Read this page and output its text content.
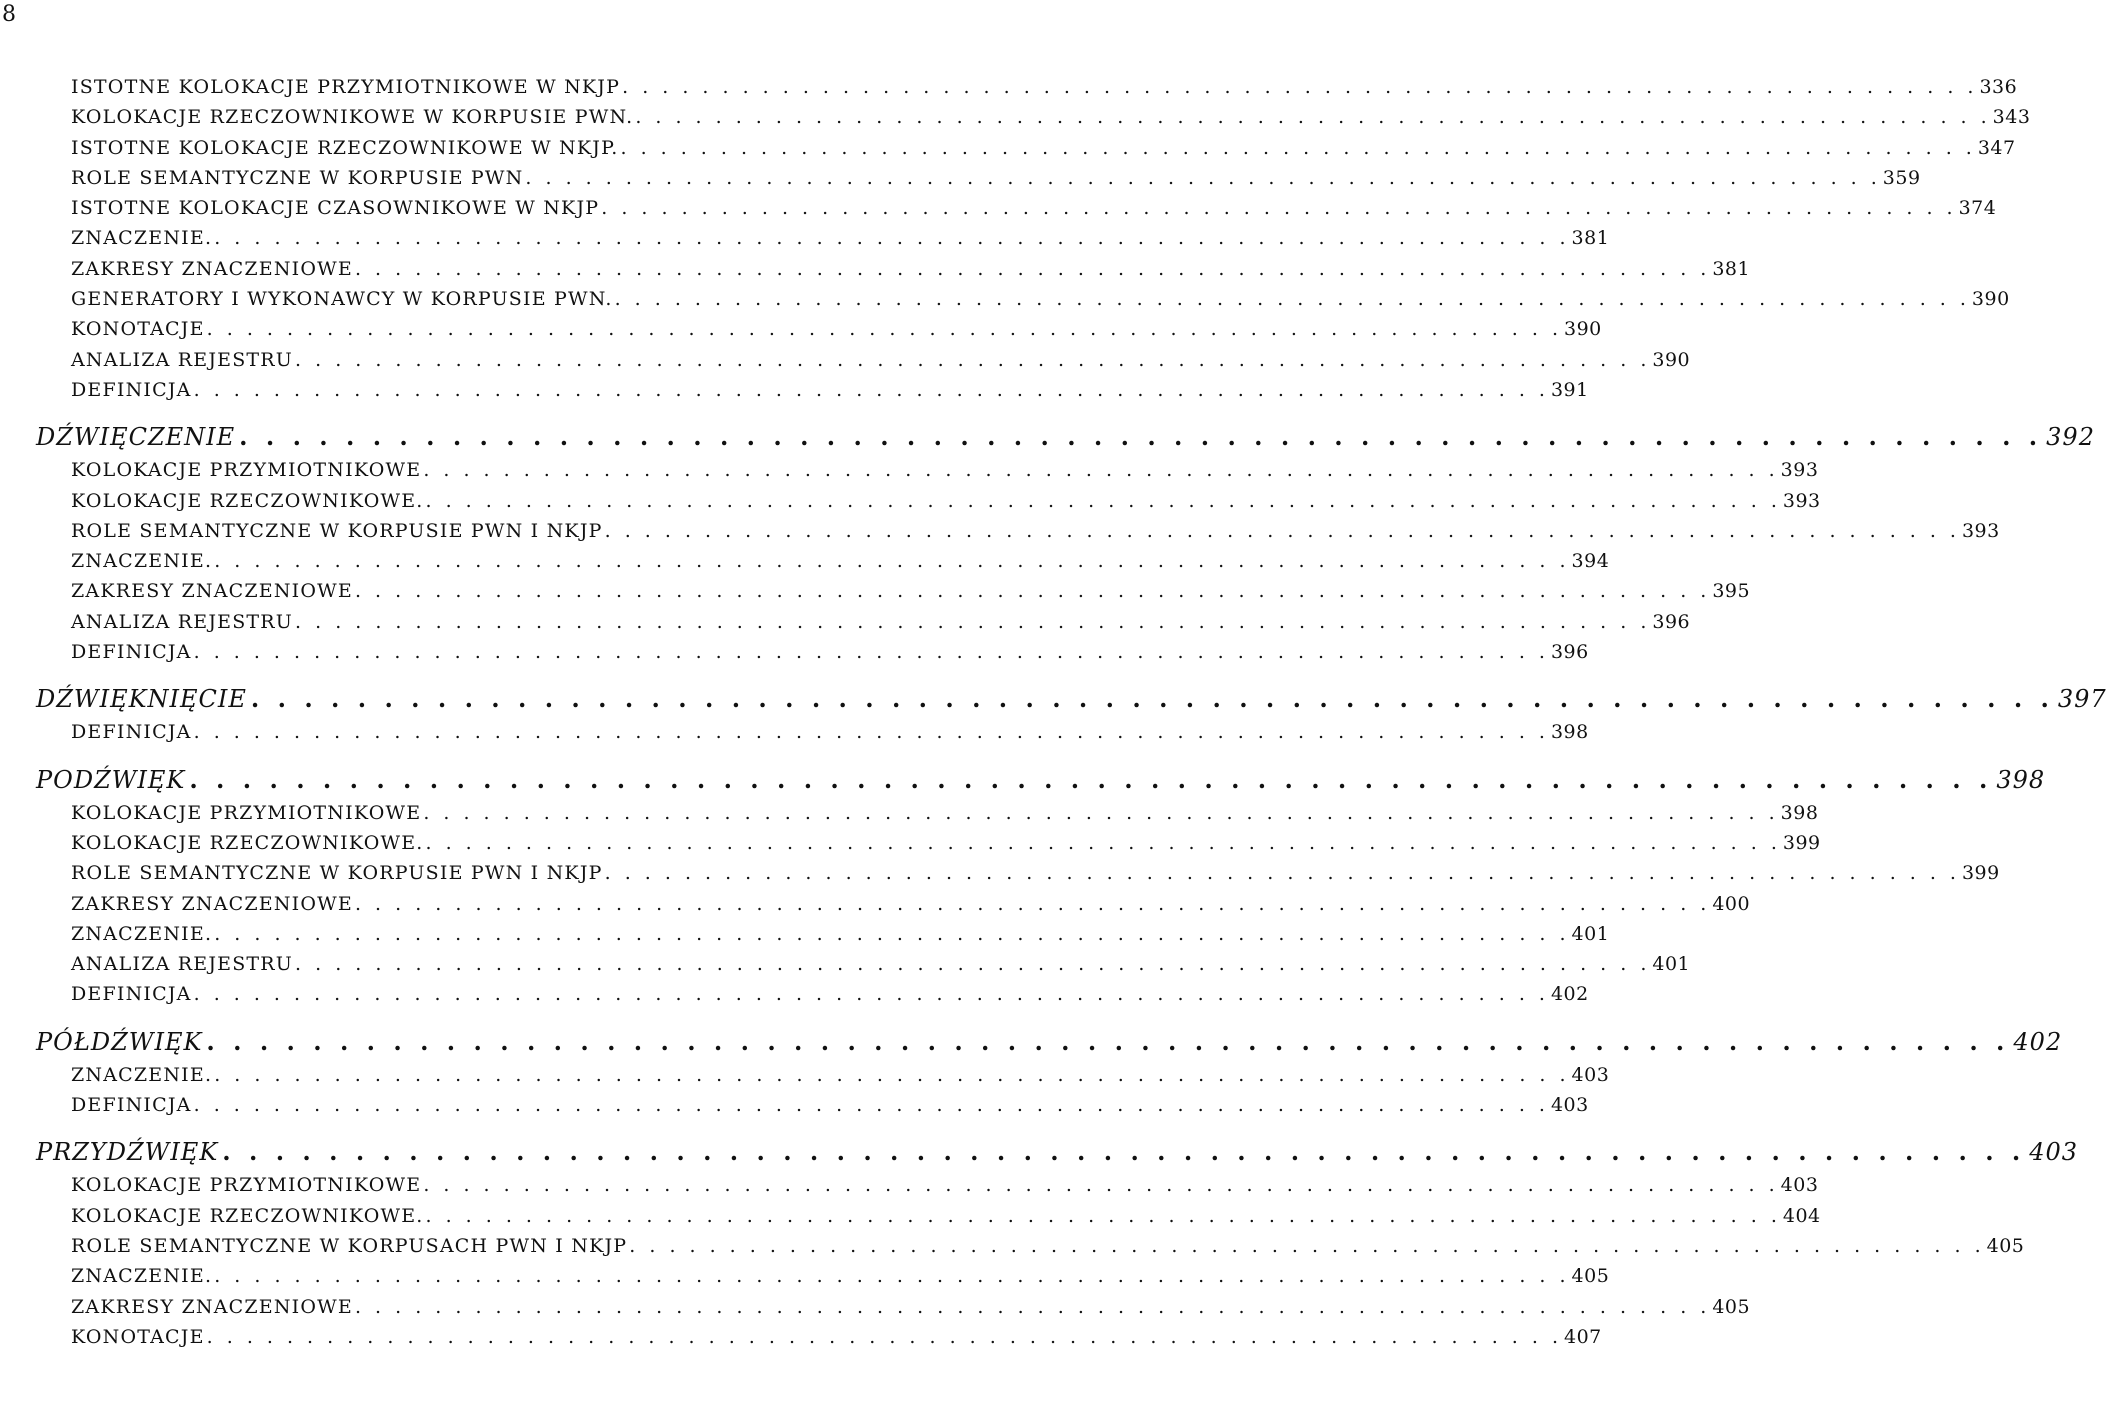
8
ISTOTNE KOLOKACJE PRZYMIOTNIKOWE W NKJP . . . . . . . . . . . . . . . . . . . . . . . . . . . . . . . . . . . . . . . . . . . . . . . . . . . . . . . . . . . . . . . . . . . . 336
KOLOKACJE RZECZOWNIKOWE W KORPUSIE PWN. . . . . . . . . . . . . . . . . . . . . . . . . . . . . . . . . . . . . . . . . . . . . . . . . . . . . . . . . . . . . . . . . . . . . 343
ISTOTNE KOLOKACJE RZECZOWNIKOWE W NKJP. . . . . . . . . . . . . . . . . . . . . . . . . . . . . . . . . . . . . . . . . . . . . . . . . . . . . . . . . . . . . . . . . . . . . 347
ROLE SEMANTYCZNE W KORPUSIE PWN . . . . . . . . . . . . . . . . . . . . . . . . . . . . . . . . . . . . . . . . . . . . . . . . . . . . . . . . . . . . . . . . . . . . 359
ISTOTNE KOLOKACJE CZASOWNIKOWE W NKJP . . . . . . . . . . . . . . . . . . . . . . . . . . . . . . . . . . . . . . . . . . . . . . . . . . . . . . . . . . . . . . . . . . . . 374
ZNACZENIE. . . . . . . . . . . . . . . . . . . . . . . . . . . . . . . . . . . . . . . . . . . . . . . . . . . . . . . . . . . . . . . . . . . . . 381
ZAKRESY ZNACZENIOWE . . . . . . . . . . . . . . . . . . . . . . . . . . . . . . . . . . . . . . . . . . . . . . . . . . . . . . . . . . . . . . . . . . . . 381
GENERATORY I WYKONAWCY W KORPUSIE PWN. . . . . . . . . . . . . . . . . . . . . . . . . . . . . . . . . . . . . . . . . . . . . . . . . . . . . . . . . . . . . . . . . . . . . 390
KONOTACJE . . . . . . . . . . . . . . . . . . . . . . . . . . . . . . . . . . . . . . . . . . . . . . . . . . . . . . . . . . . . . . . . . . . . 390
ANALIZA REJESTRU . . . . . . . . . . . . . . . . . . . . . . . . . . . . . . . . . . . . . . . . . . . . . . . . . . . . . . . . . . . . . . . . . . . . 390
DEFINICJA . . . . . . . . . . . . . . . . . . . . . . . . . . . . . . . . . . . . . . . . . . . . . . . . . . . . . . . . . . . . . . . . . . . . 391
DŹWIĘCZENIE . . . . . . . . . . . . . . . . . . . . . . . . . . . . . . . . . . . . . . . . . . . . . . . . . . . . . . . . . . . . . . . . . . . . 392
KOLOKACJE PRZYMIOTNIKOWE . . . . . . . . . . . . . . . . . . . . . . . . . . . . . . . . . . . . . . . . . . . . . . . . . . . . . . . . . . . . . . . . . . . . 393
KOLOKACJE RZECZOWNIKOWE. . . . . . . . . . . . . . . . . . . . . . . . . . . . . . . . . . . . . . . . . . . . . . . . . . . . . . . . . . . . . . . . . . . . . 393
ROLE SEMANTYCZNE W KORPUSIE PWN I NKJP . . . . . . . . . . . . . . . . . . . . . . . . . . . . . . . . . . . . . . . . . . . . . . . . . . . . . . . . . . . . . . . . . . . . 393
ZNACZENIE. . . . . . . . . . . . . . . . . . . . . . . . . . . . . . . . . . . . . . . . . . . . . . . . . . . . . . . . . . . . . . . . . . . . . 394
ZAKRESY ZNACZENIOWE . . . . . . . . . . . . . . . . . . . . . . . . . . . . . . . . . . . . . . . . . . . . . . . . . . . . . . . . . . . . . . . . . . . . 395
ANALIZA REJESTRU . . . . . . . . . . . . . . . . . . . . . . . . . . . . . . . . . . . . . . . . . . . . . . . . . . . . . . . . . . . . . . . . . . . . 396
DEFINICJA . . . . . . . . . . . . . . . . . . . . . . . . . . . . . . . . . . . . . . . . . . . . . . . . . . . . . . . . . . . . . . . . . . . . 396
DŹWIĘKNIĘCIE . . . . . . . . . . . . . . . . . . . . . . . . . . . . . . . . . . . . . . . . . . . . . . . . . . . . . . . . . . . . . . . . . . . . 397
DEFINICJA . . . . . . . . . . . . . . . . . . . . . . . . . . . . . . . . . . . . . . . . . . . . . . . . . . . . . . . . . . . . . . . . . . . . 398
PODŹWIĘK . . . . . . . . . . . . . . . . . . . . . . . . . . . . . . . . . . . . . . . . . . . . . . . . . . . . . . . . . . . . . . . . . . . . 398
KOLOKACJE PRZYMIOTNIKOWE . . . . . . . . . . . . . . . . . . . . . . . . . . . . . . . . . . . . . . . . . . . . . . . . . . . . . . . . . . . . . . . . . . . . 398
KOLOKACJE RZECZOWNIKOWE. . . . . . . . . . . . . . . . . . . . . . . . . . . . . . . . . . . . . . . . . . . . . . . . . . . . . . . . . . . . . . . . . . . . . 399
ROLE SEMANTYCZNE W KORPUSIE PWN I NKJP . . . . . . . . . . . . . . . . . . . . . . . . . . . . . . . . . . . . . . . . . . . . . . . . . . . . . . . . . . . . . . . . . . . . 399
ZAKRESY ZNACZENIOWE . . . . . . . . . . . . . . . . . . . . . . . . . . . . . . . . . . . . . . . . . . . . . . . . . . . . . . . . . . . . . . . . . . . . 400
ZNACZENIE. . . . . . . . . . . . . . . . . . . . . . . . . . . . . . . . . . . . . . . . . . . . . . . . . . . . . . . . . . . . . . . . . . . . . 401
ANALIZA REJESTRU . . . . . . . . . . . . . . . . . . . . . . . . . . . . . . . . . . . . . . . . . . . . . . . . . . . . . . . . . . . . . . . . . . . . 401
DEFINICJA . . . . . . . . . . . . . . . . . . . . . . . . . . . . . . . . . . . . . . . . . . . . . . . . . . . . . . . . . . . . . . . . . . . . 402
PÓŁDŹWIĘK . . . . . . . . . . . . . . . . . . . . . . . . . . . . . . . . . . . . . . . . . . . . . . . . . . . . . . . . . . . . . . . . . . . . 402
ZNACZENIE. . . . . . . . . . . . . . . . . . . . . . . . . . . . . . . . . . . . . . . . . . . . . . . . . . . . . . . . . . . . . . . . . . . . . 403
DEFINICJA . . . . . . . . . . . . . . . . . . . . . . . . . . . . . . . . . . . . . . . . . . . . . . . . . . . . . . . . . . . . . . . . . . . . 403
PRZYDŹWIĘK . . . . . . . . . . . . . . . . . . . . . . . . . . . . . . . . . . . . . . . . . . . . . . . . . . . . . . . . . . . . . . . . . . . . 403
KOLOKACJE PRZYMIOTNIKOWE . . . . . . . . . . . . . . . . . . . . . . . . . . . . . . . . . . . . . . . . . . . . . . . . . . . . . . . . . . . . . . . . . . . . 403
KOLOKACJE RZECZOWNIKOWE. . . . . . . . . . . . . . . . . . . . . . . . . . . . . . . . . . . . . . . . . . . . . . . . . . . . . . . . . . . . . . . . . . . . . 404
ROLE SEMANTYCZNE W KORPUSACH PWN I NKJP . . . . . . . . . . . . . . . . . . . . . . . . . . . . . . . . . . . . . . . . . . . . . . . . . . . . . . . . . . . . . . . . . . . . 405
ZNACZENIE. . . . . . . . . . . . . . . . . . . . . . . . . . . . . . . . . . . . . . . . . . . . . . . . . . . . . . . . . . . . . . . . . . . . . 405
ZAKRESY ZNACZENIOWE . . . . . . . . . . . . . . . . . . . . . . . . . . . . . . . . . . . . . . . . . . . . . . . . . . . . . . . . . . . . . . . . . . . . 405
KONOTACJE . . . . . . . . . . . . . . . . . . . . . . . . . . . . . . . . . . . . . . . . . . . . . . . . . . . . . . . . . . . . . . . . . . . . 407
